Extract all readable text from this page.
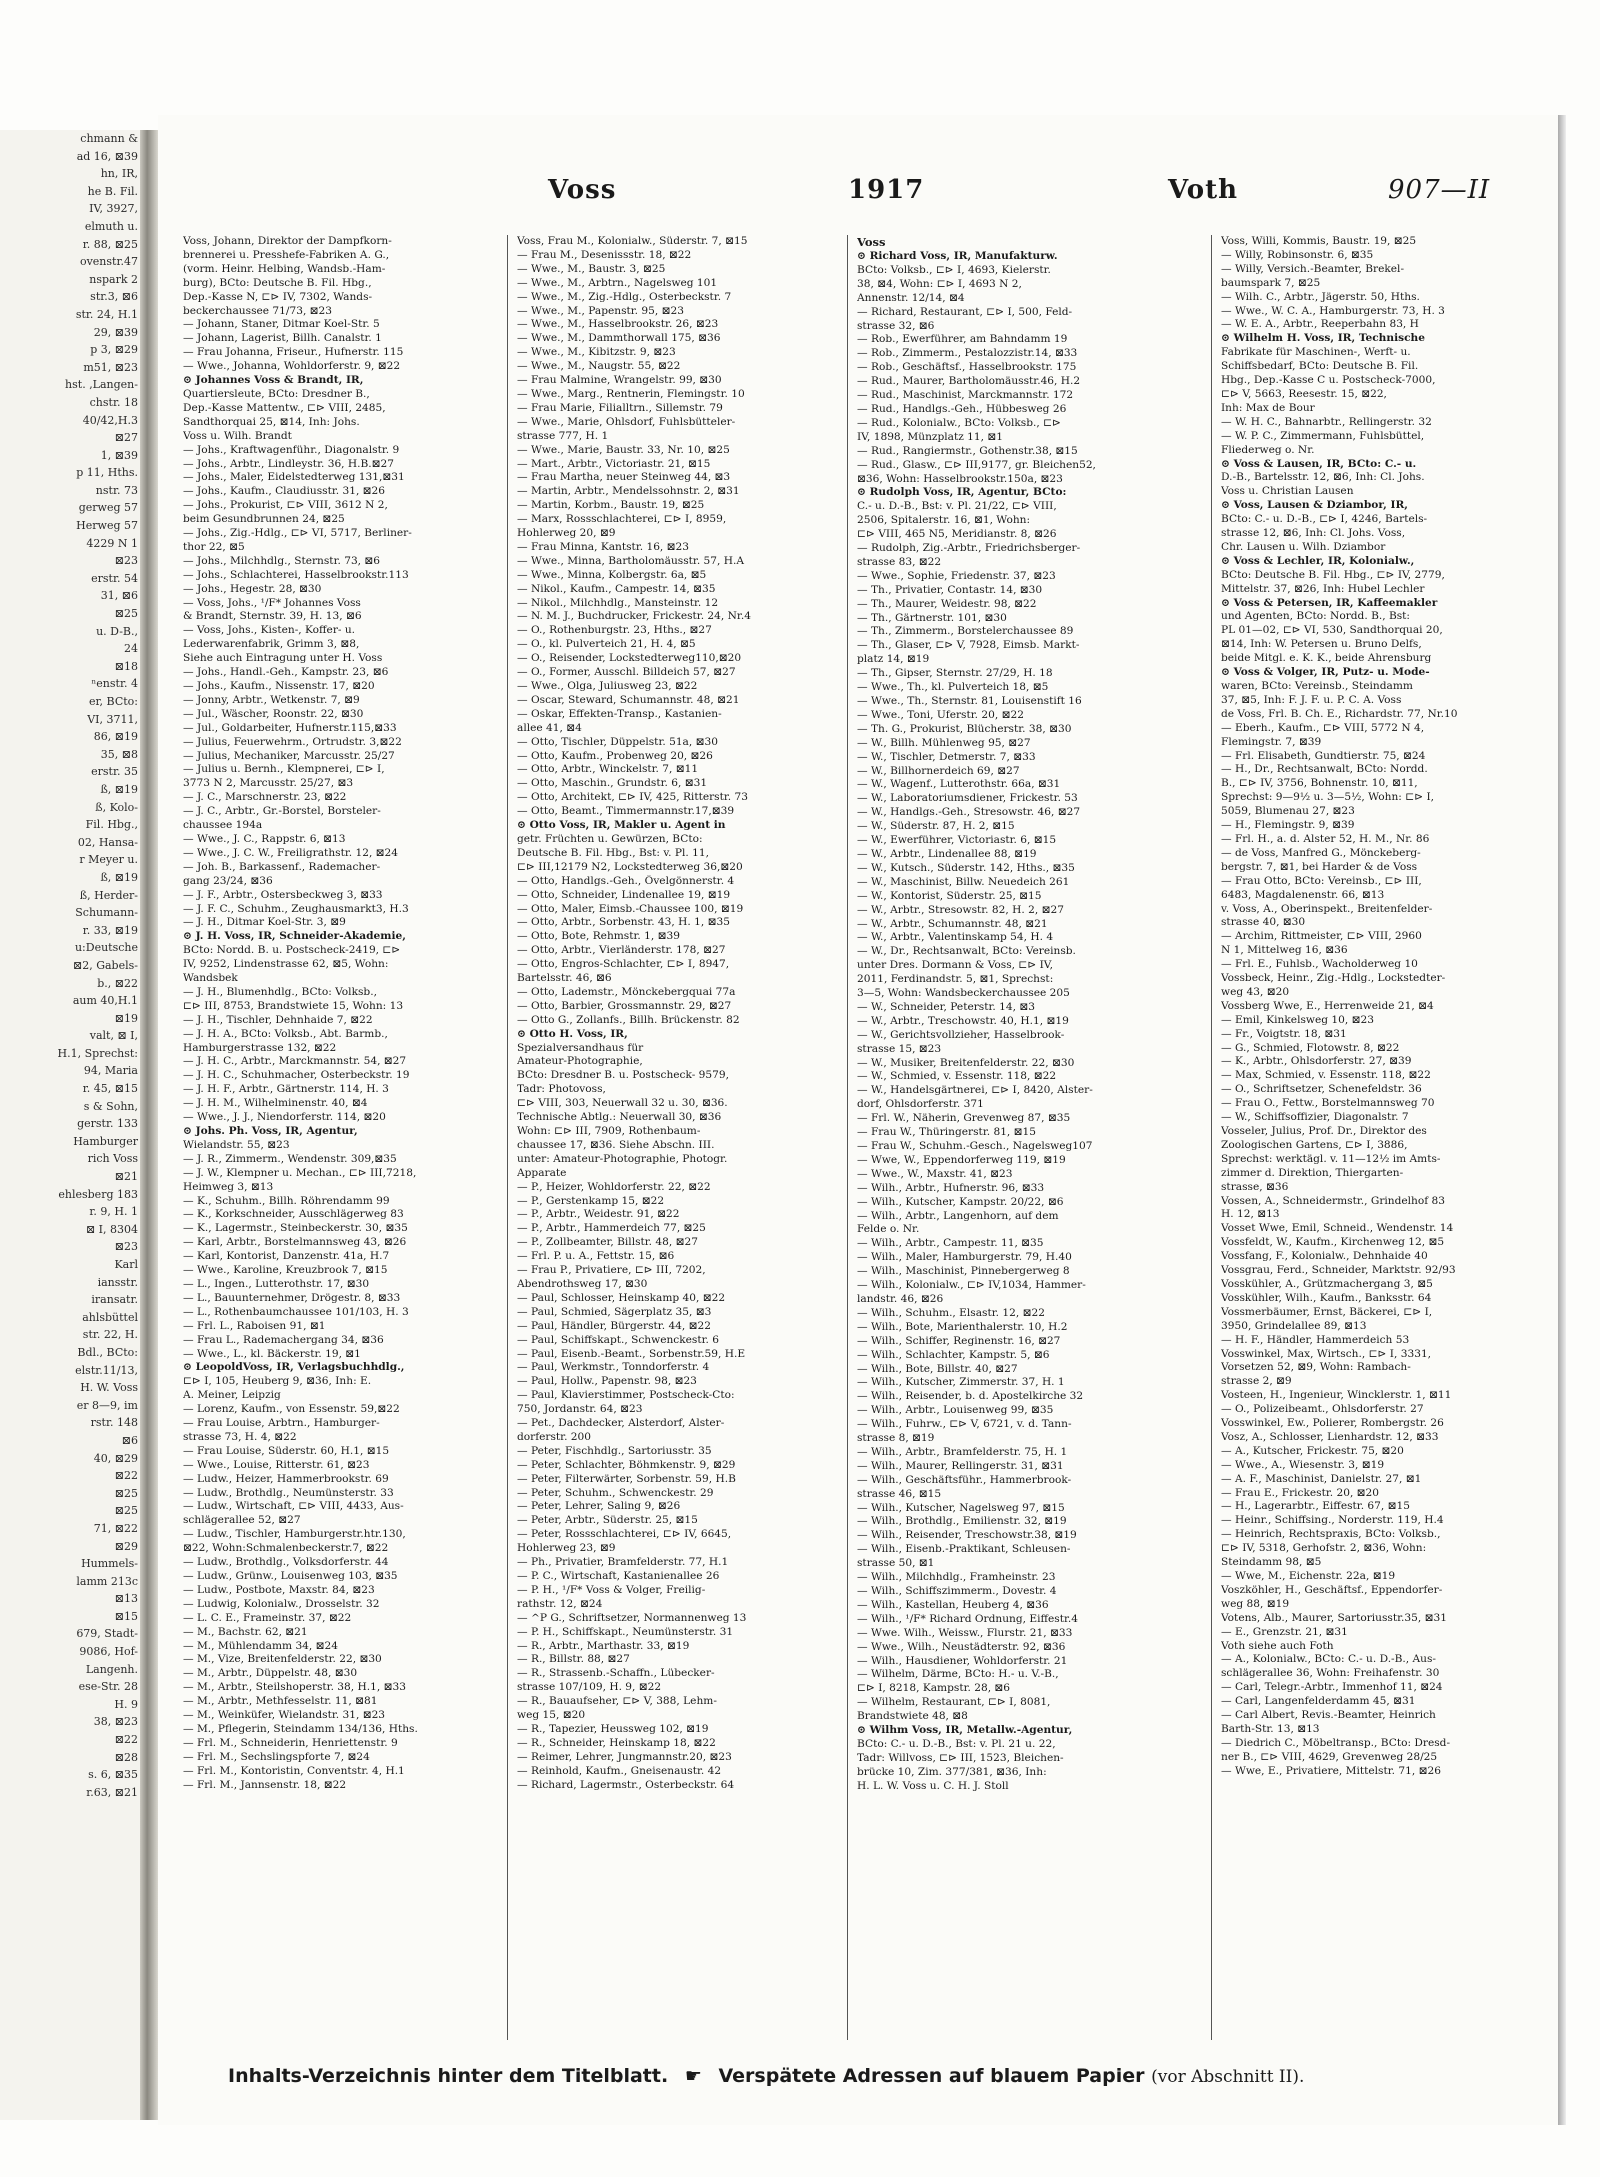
chmann &
ad 16, ⊠39
hn, IR,
he B. Fil.
IV, 3927,
elmuth u.
r. 88, ⊠25
ovenstr.47
nspark 2
str.3, ⊠6
str. 24, H.1
29, ⊠39
p 3, ⊠29
m51, ⊠23
hst. ,Langen-
chstr. 18
40/42,H.3
⊠27
1, ⊠39
p 11, Hths.
nstr. 73
gerweg 57
Herweg 57
4229 N 1
⊠23
erstr. 54
31, ⊠6
⊠25
u. D-B.,
24
⊠18
ⁿenstr. 4
er, BCto:
VI, 3711,
86, ⊠19
35, ⊠8
erstr. 35
ß, ⊠19
ß, Kolo-
Fil. Hbg.,
02, Hansa-
r Meyer u.
ß, ⊠19
ß, Herder-
Schumann-
r. 33, ⊠19
u:Deutsche
⊠2, Gabels-
b., ⊠22
aum 40,H.1
⊠19
valt, ⊠ I,
H.1, Sprechst:
94, Maria
r. 45, ⊠15
s & Sohn,
gerstr. 133
Hamburger
rich Voss
⊠21
ehlesberg 183
r. 9, H. 1
⊠ I, 8304
⊠23
Karl
iansstr.
iransatr.
ahlsbüttel
str. 22, H.
Bdl., BCto:
elstr.11/13,
H. W. Voss
er 8—9, im
rstr. 148
⊠6
40, ⊠29
⊠22
⊠25
⊠25
71, ⊠22
⊠29
Hummels-
lamm 213c
⊠13
⊠15
679, Stadt-
9086, Hof-
Langenh.
ese-Str. 28
H. 9
38, ⊠23
⊠22
⊠28
s. 6, ⊠35
r.63, ⊠21
Voss	1917	Voth	907—II

Voss, Johann, Direktor der Dampfkorn-

brennerei u. Presshefe-Fabriken A. G.,

(vorm. Heinr. Helbing, Wandsb.-Ham-

burg), BCto: Deutsche B. Fil. Hbg.,

Dep.-Kasse N, ⊏⊳ IV, 7302, Wands-

beckerchaussee 71/73, ⊠23

— Johann, Staner, Ditmar Koel-Str. 5

— Johann, Lagerist, Billh. Canalstr. 1

— Frau Johanna, Friseur., Hufnerstr. 115

— Wwe., Johanna, Wohldorferstr. 9, ⊠22

⊙ Johannes Voss & Brandt, IR,

Quartiersleute, BCto: Dresdner B.,

Dep.-Kasse Mattentw., ⊏⊳ VIII, 2485,

Sandthorquai 25, ⊠14, Inh: Johs.

Voss u. Wilh. Brandt

— Johs., Kraftwagenführ., Diagonalstr. 9

— Johs., Arbtr., Lindleystr. 36, H.B.⊠27

— Johs., Maler, Eidelstedterweg 131,⊠31

— Johs., Kaufm., Claudiusstr. 31, ⊠26

— Johs., Prokurist, ⊏⊳ VIII, 3612 N 2,

beim Gesundbrunnen 24, ⊠25

— Johs., Zig.-Hdlg., ⊏⊳ VI, 5717, Berliner-

thor 22, ⊠5

— Johs., Milchhdlg., Sternstr. 73, ⊠6

— Johs., Schlachterei, Hasselbrookstr.113

— Johs., Hegestr. 28, ⊠30

— Voss, Johs., ¹/F* Johannes Voss

& Brandt, Sternstr. 39, H. 13, ⊠6

— Voss, Johs., Kisten-, Koffer- u.

Lederwarenfabrik, Grimm 3, ⊠8,

Siehe auch Eintragung unter H. Voss

— Johs., Handl.-Geh., Kampstr. 23, ⊠6

— Johs., Kaufm., Nissenstr. 17, ⊠20

— Jonny, Arbtr., Wetkenstr. 7, ⊠9

— Jul., Wäscher, Roonstr. 22, ⊠30

— Jul., Goldarbeiter, Hufnerstr.115,⊠33

— Julius, Feuerwehrm., Ortrudstr. 3,⊠22

— Julius, Mechaniker, Marcusstr. 25/27

— Julius u. Bernh., Klempnerei, ⊏⊳ I,

3773 N 2, Marcusstr. 25/27, ⊠3

— J. C., Marschnerstr. 23, ⊠22

— J. C., Arbtr., Gr.-Borstel, Borsteler-

chaussee 194a

— Wwe., J. C., Rappstr. 6, ⊠13

— Wwe., J. C. W., Freiligrathstr. 12, ⊠24

— Joh. B., Barkassenf., Rademacher-

gang 23/24, ⊠36

— J. F., Arbtr., Ostersbeckweg 3, ⊠33

— J. F. C., Schuhm., Zeughausmarkt3, H.3

— J. H., Ditmar Koel-Str. 3, ⊠9

⊙ J. H. Voss, IR, Schneider-Akademie,

BCto: Nordd. B. u. Postscheck-2419, ⊏⊳

IV, 9252, Lindenstrasse 62, ⊠5, Wohn:

Wandsbek

— J. H., Blumenhdlg., BCto: Volksb.,

⊏⊳ III, 8753, Brandstwiete 15, Wohn: 13

— J. H., Tischler, Dehnhaide 7, ⊠22

— J. H. A., BCto: Volksb., Abt. Barmb.,

Hamburgerstrasse 132, ⊠22

— J. H. C., Arbtr., Marckmannstr. 54, ⊠27

— J. H. C., Schuhmacher, Osterbeckstr. 19

— J. H. F., Arbtr., Gärtnerstr. 114, H. 3

— J. H. M., Wilhelminenstr. 40, ⊠4

— Wwe., J. J., Niendorferstr. 114, ⊠20

⊙ Johs. Ph. Voss, IR, Agentur,

Wielandstr. 55, ⊠23

— J. R., Zimmerm., Wendenstr. 309,⊠35

— J. W., Klempner u. Mechan., ⊏⊳ III,7218,

Heimweg 3, ⊠13

— K., Schuhm., Billh. Röhrendamm 99

— K., Korkschneider, Ausschlägerweg 83

— K., Lagermstr., Steinbeckerstr. 30, ⊠35

— Karl, Arbtr., Borstelmannsweg 43, ⊠26

— Karl, Kontorist, Danzenstr. 41a, H.7

— Wwe., Karoline, Kreuzbrook 7, ⊠15

— L., Ingen., Lutterothstr. 17, ⊠30

— L., Bauunternehmer, Drögestr. 8, ⊠33

— L., Rothenbaumchaussee 101/103, H. 3

— Frl. L., Raboisen 91, ⊠1

— Frau L., Rademachergang 34, ⊠36

— Wwe., L., kl. Bäckerstr. 19, ⊠1

⊙ LeopoldVoss, IR, Verlagsbuchhdlg.,

⊏⊳ I, 105, Heuberg 9, ⊠36, Inh: E.

A. Meiner, Leipzig

— Lorenz, Kaufm., von Essenstr. 59,⊠22

— Frau Louise, Arbtrn., Hamburger-

strasse 73, H. 4, ⊠22

— Frau Louise, Süderstr. 60, H.1, ⊠15

— Wwe., Louise, Ritterstr. 61, ⊠23

— Ludw., Heizer, Hammerbrookstr. 69

— Ludw., Brothdlg., Neumünsterstr. 33

— Ludw., Wirtschaft, ⊏⊳ VIII, 4433, Aus-

schlägerallee 52, ⊠27

— Ludw., Tischler, Hamburgerstr.htr.130,

⊠22, Wohn:Schmalenbeckerstr.7, ⊠22

— Ludw., Brothdlg., Volksdorferstr. 44

— Ludw., Grünw., Louisenweg 103, ⊠35

— Ludw., Postbote, Maxstr. 84, ⊠23

— Ludwig, Kolonialw., Drosselstr. 32

— L. C. E., Frameinstr. 37, ⊠22

— M., Bachstr. 62, ⊠21

— M., Mühlendamm 34, ⊠24

— M., Vize, Breitenfelderstr. 22, ⊠30

— M., Arbtr., Düppelstr. 48, ⊠30

— M., Arbtr., Steilshoperstr. 38, H.1, ⊠33

— M., Arbtr., Methfesselstr. 11, ⊠81

— M., Weinküfer, Wielandstr. 31, ⊠23

— M., Pflegerin, Steindamm 134/136, Hths.

— Frl. M., Schneiderin, Henriettenstr. 9

— Frl. M., Sechslingspforte 7, ⊠24

— Frl. M., Kontoristin, Conventstr. 4, H.1

— Frl. M., Jannsenstr. 18, ⊠22

Voss, Frau M., Kolonialw., Süderstr. 7, ⊠15

— Frau M., Desenissstr. 18, ⊠22

— Wwe., M., Baustr. 3, ⊠25

— Wwe., M., Arbtrn., Nagelsweg 101

— Wwe., M., Zig.-Hdlg., Osterbeckstr. 7

— Wwe., M., Papenstr. 95, ⊠23

— Wwe., M., Hasselbrookstr. 26, ⊠23

— Wwe., M., Dammthorwall 175, ⊠36

— Wwe., M., Kibitzstr. 9, ⊠23

— Wwe., M., Naugstr. 55, ⊠22

— Frau Malmine, Wrangelstr. 99, ⊠30

— Wwe., Marg., Rentnerin, Flemingstr. 10

— Frau Marie, Filialltrn., Sillemstr. 79

— Wwe., Marie, Ohlsdorf, Fuhlsbütteler-

strasse 777, H. 1

— Wwe., Marie, Baustr. 33, Nr. 10, ⊠25

— Mart., Arbtr., Victoriastr. 21, ⊠15

— Frau Martha, neuer Steinweg 44, ⊠3

— Martin, Arbtr., Mendelssohnstr. 2, ⊠31

— Martin, Korbm., Baustr. 19, ⊠25

— Marx, Rossschlachterei, ⊏⊳ I, 8959,

Hohlerweg 20, ⊠9

— Frau Minna, Kantstr. 16, ⊠23

— Wwe., Minna, Bartholomäusstr. 57, H.A

— Wwe., Minna, Kolbergstr. 6a, ⊠5

— Nikol., Kaufm., Campestr. 14, ⊠35

— Nikol., Milchhdlg., Mansteinstr. 12

— N. M. J., Buchdrucker, Frickestr. 24, Nr.4

— O., Rothenburgstr. 23, Hths., ⊠27

— O., kl. Pulverteich 21, H. 4, ⊠5

— O., Reisender, Lockstedterweg110,⊠20

— O., Former, Ausschl. Billdeich 57, ⊠27

— Wwe., Olga, Juliusweg 23, ⊠22

— Oscar, Steward, Schumannstr. 48, ⊠21

— Oskar, Effekten-Transp., Kastanien-

allee 41, ⊠4

— Otto, Tischler, Düppelstr. 51a, ⊠30

— Otto, Kaufm., Probenweg 20, ⊠26

— Otto, Arbtr., Winckelstr. 7, ⊠11

— Otto, Maschin., Grundstr. 6, ⊠31

— Otto, Architekt, ⊏⊳ IV, 425, Ritterstr. 73

— Otto, Beamt., Timmermannstr.17,⊠39

⊙ Otto Voss, IR, Makler u. Agent in

getr. Früchten u. Gewürzen, BCto:

Deutsche B. Fil. Hbg., Bst: v. Pl. 11,

⊏⊳ III,12179 N2, Lockstedterweg 36,⊠20

— Otto, Handlgs.-Geh., Övelgönnerstr. 4

— Otto, Schneider, Lindenallee 19, ⊠19

— Otto, Maler, Eimsb.-Chaussee 100, ⊠19

— Otto, Arbtr., Sorbenstr. 43, H. 1, ⊠35

— Otto, Bote, Rehmstr. 1, ⊠39

— Otto, Arbtr., Vierländerstr. 178, ⊠27

— Otto, Engros-Schlachter, ⊏⊳ I, 8947,

Bartelsstr. 46, ⊠6

— Otto, Lademstr., Mönckebergquai 77a

— Otto, Barbier, Grossmannstr. 29, ⊠27

— Otto G., Zollanfs., Billh. Brückenstr. 82

⊙ Otto H. Voss, IR,

Spezialversandhaus für

Amateur-Photographie,

BCto: Dresdner B. u. Postscheck- 9579,

Tadr: Photovoss,

⊏⊳ VIII, 303, Neuerwall 32 u. 30, ⊠36.

Technische Abtlg.: Neuerwall 30, ⊠36

Wohn: ⊏⊳ III, 7909, Rothenbaum-

chaussee 17, ⊠36. Siehe Abschn. III.

unter: Amateur-Photographie, Photogr.

Apparate

— P., Heizer, Wohldorferstr. 22, ⊠22

— P., Gerstenkamp 15, ⊠22

— P., Arbtr., Weidestr. 91, ⊠22

— P., Arbtr., Hammerdeich 77, ⊠25

— P., Zollbeamter, Billstr. 48, ⊠27

— Frl. P. u. A., Fettstr. 15, ⊠6

— Frau P., Privatiere, ⊏⊳ III, 7202,

Abendrothsweg 17, ⊠30

— Paul, Schlosser, Heinskamp 40, ⊠22

— Paul, Schmied, Sägerplatz 35, ⊠3

— Paul, Händler, Bürgerstr. 44, ⊠22

— Paul, Schiffskapt., Schwenckestr. 6

— Paul, Eisenb.-Beamt., Sorbenstr.59, H.E

— Paul, Werkmstr., Tonndorferstr. 4

— Paul, Hollw., Papenstr. 98, ⊠23

— Paul, Klavierstimmer, Postscheck-Cto:

750, Jordanstr. 64, ⊠23

— Pet., Dachdecker, Alsterdorf, Alster-

dorferstr. 200

— Peter, Fischhdlg., Sartoriusstr. 35

— Peter, Schlachter, Böhmkenstr. 9, ⊠29

— Peter, Filterwärter, Sorbenstr. 59, H.B

— Peter, Schuhm., Schwenckestr. 29

— Peter, Lehrer, Saling 9, ⊠26

— Peter, Arbtr., Süderstr. 25, ⊠15

— Peter, Rossschlachterei, ⊏⊳ IV, 6645,

Hohlerweg 23, ⊠9

— Ph., Privatier, Bramfelderstr. 77, H.1

— P. C., Wirtschaft, Kastanienallee 26

— P. H., ¹/F* Voss & Volger, Freilig-

rathstr. 12, ⊠24

— ^P G., Schriftsetzer, Normannenweg 13

— P. H., Schiffskapt., Neumünsterstr. 31

— R., Arbtr., Marthastr. 33, ⊠19

— R., Billstr. 88, ⊠27

— R., Strassenb.-Schaffn., Lübecker-

strasse 107/109, H. 9, ⊠22

— R., Bauaufseher, ⊏⊳ V, 388, Lehm-

weg 15, ⊠20

— R., Tapezier, Heussweg 102, ⊠19

— R., Schneider, Heinskamp 18, ⊠22

— Reimer, Lehrer, Jungmannstr.20, ⊠23

— Reinhold, Kaufm., Gneisenaustr. 42

— Richard, Lagermstr., Osterbeckstr. 64

Voss

⊙ Richard Voss, IR, Manufakturw.

BCto: Volksb., ⊏⊳ I, 4693, Kielerstr.

38, ⊠4, Wohn: ⊏⊳ I, 4693 N 2,

Annenstr. 12/14, ⊠4

— Richard, Restaurant, ⊏⊳ I, 500, Feld-

strasse 32, ⊠6

— Rob., Ewerführer, am Bahndamm 19

— Rob., Zimmerm., Pestalozzistr.14, ⊠33

— Rob., Geschäftsf., Hasselbrookstr. 175

— Rud., Maurer, Bartholomäusstr.46, H.2

— Rud., Maschinist, Marckmannstr. 172

— Rud., Handlgs.-Geh., Hübbesweg 26

— Rud., Kolonialw., BCto: Volksb., ⊏⊳

IV, 1898, Münzplatz 11, ⊠1

— Rud., Rangiermstr., Gothenstr.38, ⊠15

— Rud., Glasw., ⊏⊳ III,9177, gr. Bleichen52,

⊠36, Wohn: Hasselbrookstr.150a, ⊠23

⊙ Rudolph Voss, IR, Agentur, BCto:

C.- u. D.-B., Bst: v. Pl. 21/22, ⊏⊳ VIII,

2506, Spitalerstr. 16, ⊠1, Wohn:

⊏⊳ VIII, 465 N5, Meridianstr. 8, ⊠26

— Rudolph, Zig.-Arbtr., Friedrichsberger-

strasse 83, ⊠22

— Wwe., Sophie, Friedenstr. 37, ⊠23

— Th., Privatier, Contastr. 14, ⊠30

— Th., Maurer, Weidestr. 98, ⊠22

— Th., Gärtnerstr. 101, ⊠30

— Th., Zimmerm., Borstelerchaussee 89

— Th., Glaser, ⊏⊳ V, 7928, Eimsb. Markt-

platz 14, ⊠19

— Th., Gipser, Sternstr. 27/29, H. 18

— Wwe., Th., kl. Pulverteich 18, ⊠5

— Wwe., Th., Sternstr. 81, Louisenstift 16

— Wwe., Toni, Uferstr. 20, ⊠22

— Th. G., Prokurist, Blücherstr. 38, ⊠30

— W., Billh. Mühlenweg 95, ⊠27

— W., Tischler, Detmerstr. 7, ⊠33

— W., Billhornerdeich 69, ⊠27

— W., Wagenf., Lutterothstr. 66a, ⊠31

— W., Laboratoriumsdiener, Frickestr. 53

— W., Handlgs.-Geh., Stresowstr. 46, ⊠27

— W., Süderstr. 87, H. 2, ⊠15

— W., Ewerführer, Victoriastr. 6, ⊠15

— W., Arbtr., Lindenallee 88, ⊠19

— W., Kutsch., Süderstr. 142, Hths., ⊠35

— W., Maschinist, Billw. Neuedeich 261

— W., Kontorist, Süderstr. 25, ⊠15

— W., Arbtr., Stresowstr. 82, H. 2, ⊠27

— W., Arbtr., Schumannstr. 48, ⊠21

— W., Arbtr., Valentinskamp 54, H. 4

— W., Dr., Rechtsanwalt, BCto: Vereinsb.

unter Dres. Dormann & Voss, ⊏⊳ IV,

2011, Ferdinandstr. 5, ⊠1, Sprechst:

3—5, Wohn: Wandsbeckerchaussee 205

— W., Schneider, Peterstr. 14, ⊠3

— W., Arbtr., Treschowstr. 40, H.1, ⊠19

— W., Gerichtsvollzieher, Hasselbrook-

strasse 15, ⊠23

— W., Musiker, Breitenfelderstr. 22, ⊠30

— W., Schmied, v. Essenstr. 118, ⊠22

— W., Handelsgärtnerei, ⊏⊳ I, 8420, Alster-

dorf, Ohlsdorferstr. 371

— Frl. W., Näherin, Grevenweg 87, ⊠35

— Frau W., Thüringerstr. 81, ⊠15

— Frau W., Schuhm.-Gesch., Nagelsweg107

— Wwe, W., Eppendorferweg 119, ⊠19

— Wwe., W., Maxstr. 41, ⊠23

— Wilh., Arbtr., Hufnerstr. 96, ⊠33

— Wilh., Kutscher, Kampstr. 20/22, ⊠6

— Wilh., Arbtr., Langenhorn, auf dem

Felde o. Nr.

— Wilh., Arbtr., Campestr. 11, ⊠35

— Wilh., Maler, Hamburgerstr. 79, H.40

— Wilh., Maschinist, Pinnebergerweg 8

— Wilh., Kolonialw., ⊏⊳ IV,1034, Hammer-

landstr. 46, ⊠26

— Wilh., Schuhm., Elsastr. 12, ⊠22

— Wilh., Bote, Marienthalerstr. 10, H.2

— Wilh., Schiffer, Reginenstr. 16, ⊠27

— Wilh., Schlachter, Kampstr. 5, ⊠6

— Wilh., Bote, Billstr. 40, ⊠27

— Wilh., Kutscher, Zimmerstr. 37, H. 1

— Wilh., Reisender, b. d. Apostelkirche 32

— Wilh., Arbtr., Louisenweg 99, ⊠35

— Wilh., Fuhrw., ⊏⊳ V, 6721, v. d. Tann-

strasse 8, ⊠19

— Wilh., Arbtr., Bramfelderstr. 75, H. 1

— Wilh., Maurer, Rellingerstr. 31, ⊠31

— Wilh., Geschäftsführ., Hammerbrook-

strasse 46, ⊠15

— Wilh., Kutscher, Nagelsweg 97, ⊠15

— Wilh., Brothdlg., Emilienstr. 32, ⊠19

— Wilh., Reisender, Treschowstr.38, ⊠19

— Wilh., Eisenb.-Praktikant, Schleusen-

strasse 50, ⊠1

— Wilh., Milchhdlg., Framheinstr. 23

— Wilh., Schiffszimmerm., Dovestr. 4

— Wilh., Kastellan, Heuberg 4, ⊠36

— Wilh., ¹/F* Richard Ordnung, Eiffestr.4

— Wwe. Wilh., Weissw., Flurstr. 21, ⊠33

— Wwe., Wilh., Neustädterstr. 92, ⊠36

— Wilh., Hausdiener, Wohldorferstr. 21

— Wilhelm, Därme, BCto: H.- u. V.-B.,

⊏⊳ I, 8218, Kampstr. 28, ⊠6

— Wilhelm, Restaurant, ⊏⊳ I, 8081,

Brandstwiete 48, ⊠8

⊙ Wilhm Voss, IR, Metallw.-Agentur,

BCto: C.- u. D.-B., Bst: v. Pl. 21 u. 22,

Tadr: Willvoss, ⊏⊳ III, 1523, Bleichen-

brücke 10, Zim. 377/381, ⊠36, Inh:

H. L. W. Voss u. C. H. J. Stoll

Voss, Willi, Kommis, Baustr. 19, ⊠25

— Willy, Robinsonstr. 6, ⊠35

— Willy, Versich.-Beamter, Brekel-

baumspark 7, ⊠25

— Wilh. C., Arbtr., Jägerstr. 50, Hths.

— Wwe., W. C. A., Hamburgerstr. 73, H. 3

— W. E. A., Arbtr., Reeperbahn 83, H

⊙ Wilhelm H. Voss, IR, Technische

Fabrikate für Maschinen-, Werft- u.

Schiffsbedarf, BCto: Deutsche B. Fil.

Hbg., Dep.-Kasse C u. Postscheck-7000,

⊏⊳ V, 5663, Reesestr. 15, ⊠22,

Inh: Max de Bour

— W. H. C., Bahnarbtr., Rellingerstr. 32

— W. P. C., Zimmermann, Fuhlsbüttel,

Fliederweg o. Nr.

⊙ Voss & Lausen, IR, BCto: C.- u.

D.-B., Bartelsstr. 12, ⊠6, Inh: Cl. Johs.

Voss u. Christian Lausen

⊙ Voss, Lausen & Dziambor, IR,

BCto: C.- u. D.-B., ⊏⊳ I, 4246, Bartels-

strasse 12, ⊠6, Inh: Cl. Johs. Voss,

Chr. Lausen u. Wilh. Dziambor

⊙ Voss & Lechler, IR, Kolonialw.,

BCto: Deutsche B. Fil. Hbg., ⊏⊳ IV, 2779,

Mittelstr. 37, ⊠26, Inh: Hubel Lechler

⊙ Voss & Petersen, IR, Kaffeemakler

und Agenten, BCto: Nordd. B., Bst:

PL 01—02, ⊏⊳ VI, 530, Sandthorquai 20,

⊠14, Inh: W. Petersen u. Bruno Delfs,

beide Mitgl. e. K. K., beide Ahrensburg

⊙ Voss & Volger, IR, Putz- u. Mode-

waren, BCto: Vereinsb., Steindamm

37, ⊠5, Inh: F. J. F. u. P. C. A. Voss

de Voss, Frl. B. Ch. E., Richardstr. 77, Nr.10

— Eberh., Kaufm., ⊏⊳ VIII, 5772 N 4,

Flemingstr. 7, ⊠39

— Frl. Elisabeth, Gundtierstr. 75, ⊠24

— H., Dr., Rechtsanwalt, BCto: Nordd.

B., ⊏⊳ IV, 3756, Bohnenstr. 10, ⊠11,

Sprechst: 9—9½ u. 3—5½, Wohn: ⊏⊳ I,

5059, Blumenau 27, ⊠23

— H., Flemingstr. 9, ⊠39

— Frl. H., a. d. Alster 52, H. M., Nr. 86

— de Voss, Manfred G., Mönckeberg-

bergstr. 7, ⊠1, bei Harder & de Voss

— Frau Otto, BCto: Vereinsb., ⊏⊳ III,

6483, Magdalenenstr. 66, ⊠13

v. Voss, A., Oberinspekt., Breitenfelder-

strasse 40, ⊠30

— Archim, Rittmeister, ⊏⊳ VIII, 2960

N 1, Mittelweg 16, ⊠36

— Frl. E., Fuhlsb., Wacholderweg 10

Vossbeck, Heinr., Zig.-Hdlg., Lockstedter-

weg 43, ⊠20

Vossberg Wwe, E., Herrenweide 21, ⊠4

— Emil, Kinkelsweg 10, ⊠23

— Fr., Voigtstr. 18, ⊠31

— G., Schmied, Flotowstr. 8, ⊠22

— K., Arbtr., Ohlsdorferstr. 27, ⊠39

— Max, Schmied, v. Essenstr. 118, ⊠22

— O., Schriftsetzer, Schenefeldstr. 36

— Frau O., Fettw., Borstelmannsweg 70

— W., Schiffsoffizier, Diagonalstr. 7

Vosseler, Julius, Prof. Dr., Direktor des

Zoologischen Gartens, ⊏⊳ I, 3886,

Sprechst: werktägl. v. 11—12½ im Amts-

zimmer d. Direktion, Thiergarten-

strasse, ⊠36

Vossen, A., Schneidermstr., Grindelhof 83

H. 12, ⊠13

Vosset Wwe, Emil, Schneid., Wendenstr. 14

Vossfeldt, W., Kaufm., Kirchenweg 12, ⊠5

Vossfang, F., Kolonialw., Dehnhaide 40

Vossgrau, Ferd., Schneider, Marktstr. 92/93

Vosskühler, A., Grützmachergang 3, ⊠5

Vosskühler, Wilh., Kaufm., Banksstr. 64

Vossmerbäumer, Ernst, Bäckerei, ⊏⊳ I,

3950, Grindelallee 89, ⊠13

— H. F., Händler, Hammerdeich 53

Vosswinkel, Max, Wirtsch., ⊏⊳ I, 3331,

Vorsetzen 52, ⊠9, Wohn: Rambach-

strasse 2, ⊠9

Vosteen, H., Ingenieur, Wincklerstr. 1, ⊠11

— O., Polizeibeamt., Ohlsdorferstr. 27

Vosswinkel, Ew., Polierer, Rombergstr. 26

Vosz, A., Schlosser, Lienhardstr. 12, ⊠33

— A., Kutscher, Frickestr. 75, ⊠20

— Wwe., A., Wiesenstr. 3, ⊠19

— A. F., Maschinist, Danielstr. 27, ⊠1

— Frau E., Frickestr. 20, ⊠20

— H., Lagerarbtr., Eiffestr. 67, ⊠15

— Heinr., Schiffsing., Norderstr. 119, H.4

— Heinrich, Rechtspraxis, BCto: Volksb.,

⊏⊳ IV, 5318, Gerhofstr. 2, ⊠36, Wohn:

Steindamm 98, ⊠5

— Wwe, M., Eichenstr. 22a, ⊠19

Voszköhler, H., Geschäftsf., Eppendorfer-

weg 88, ⊠19

Votens, Alb., Maurer, Sartoriusstr.35, ⊠31

— E., Grenzstr. 21, ⊠31

Voth siehe auch Foth

— A., Kolonialw., BCto: C.- u. D.-B., Aus-

schlägerallee 36, Wohn: Freihafenstr. 30

— Carl, Telegr.-Arbtr., Immenhof 11, ⊠24

— Carl, Langenfelderdamm 45, ⊠31

— Carl Albert, Revis.-Beamter, Heinrich

Barth-Str. 13, ⊠13

— Diedrich C., Möbeltransp., BCto: Dresd-

ner B., ⊏⊳ VIII, 4629, Grevenweg 28/25

— Wwe, E., Privatiere, Mittelstr. 71, ⊠26

Inhalts-Verzeichnis hinter dem Titelblatt. ☛ Verspätete Adressen auf blauem Papier (vor Abschnitt II).
